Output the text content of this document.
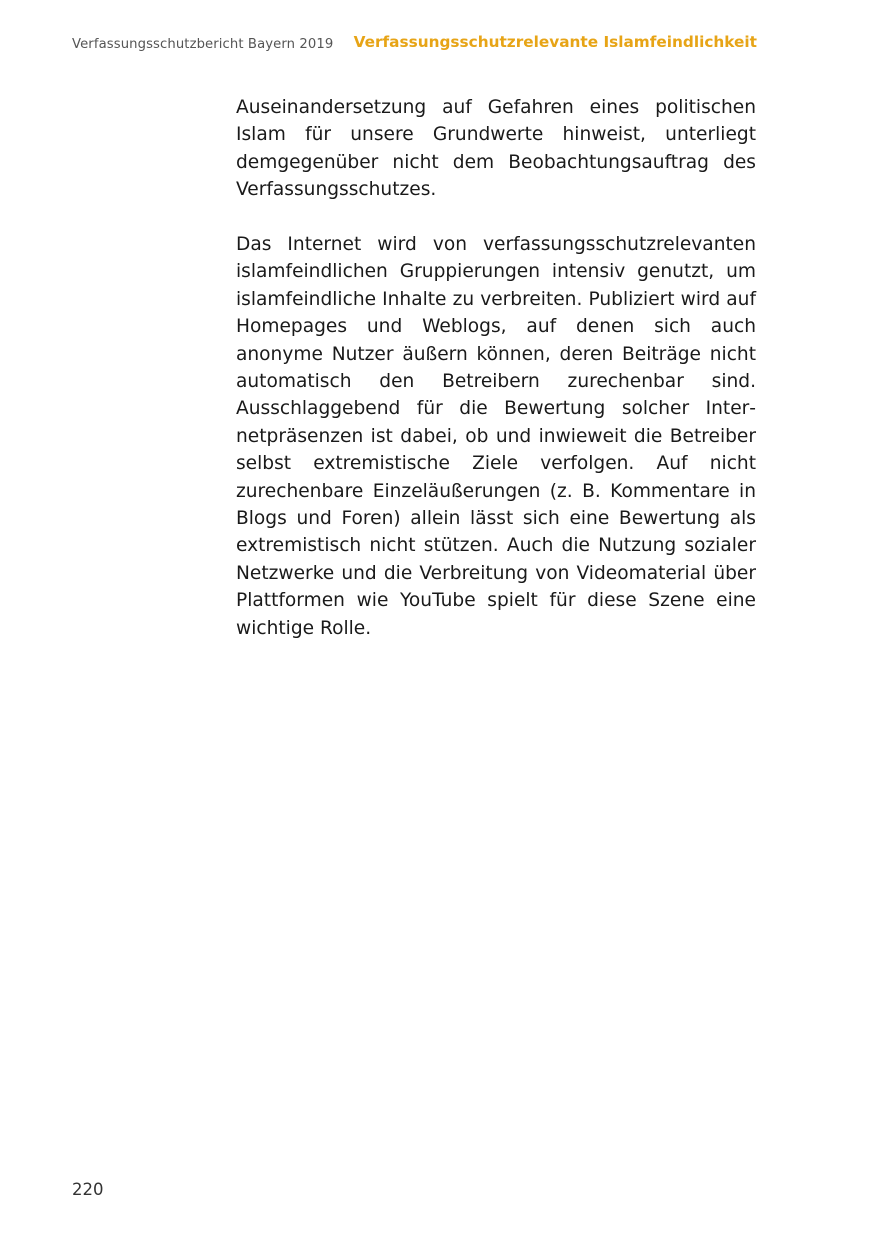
Verfassungsschutzbericht Bayern 2019 Verfassungsschutzrelevante Islamfeindlichkeit

Auseinandersetzung auf Gefahren eines politischen Islam für unsere Grundwerte hinweist, unterliegt demgegenüber nicht dem Beobachtungsauftrag des Verfassungsschutzes.

Das Internet wird von verfassungsschutzrelevanten islamfeindlichen Gruppierungen intensiv genutzt, um islamfeindliche Inhalte zu verbreiten. Publiziert wird auf Homepages und Weblogs, auf denen sich auch anonyme Nutzer äußern können, deren Beiträge nicht automatisch den Betreibern zurechenbar sind. Ausschlaggebend für die Bewertung solcher Internetpräsenzen ist dabei, ob und inwieweit die Betreiber selbst extremistische Ziele verfolgen. Auf nicht zurechenbare Einzeläußerungen (z. B. Kommentare in Blogs und Foren) allein lässt sich eine Bewertung als extremistisch nicht stützen. Auch die Nutzung sozialer Netzwerke und die Verbreitung von Videomaterial über Plattformen wie YouTube spielt für diese Szene eine wichtige Rolle.

220
